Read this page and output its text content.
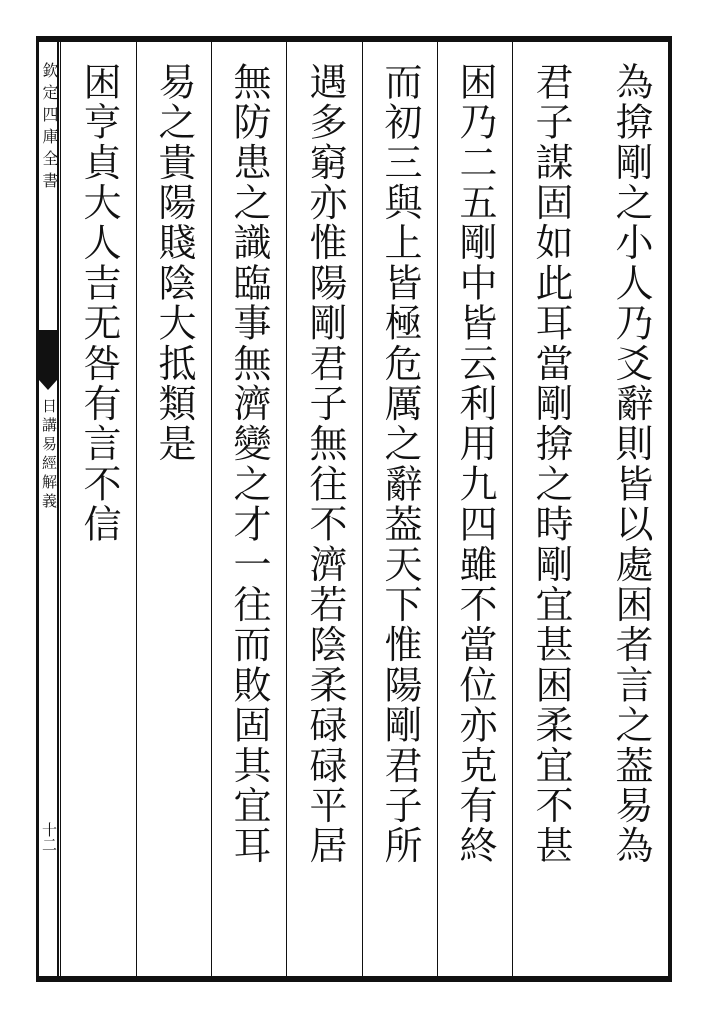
欽定四庫全書
日講易經解義
十二	為揜剛之小人乃爻辭則皆以處困者言之葢易為
君子謀固如此耳當剛揜之時剛宜甚困柔宜不甚
困乃二五剛中皆云利用九四雖不當位亦克有終
而初三與上皆極危厲之辭葢天下惟陽剛君子所
遇多窮亦惟陽剛君子無往不濟若陰柔碌碌平居
無防患之識臨事無濟變之才一往而敗固其宜耳
易之貴陽賤陰大抵類是
困亨貞大人吉无咎有言不信
